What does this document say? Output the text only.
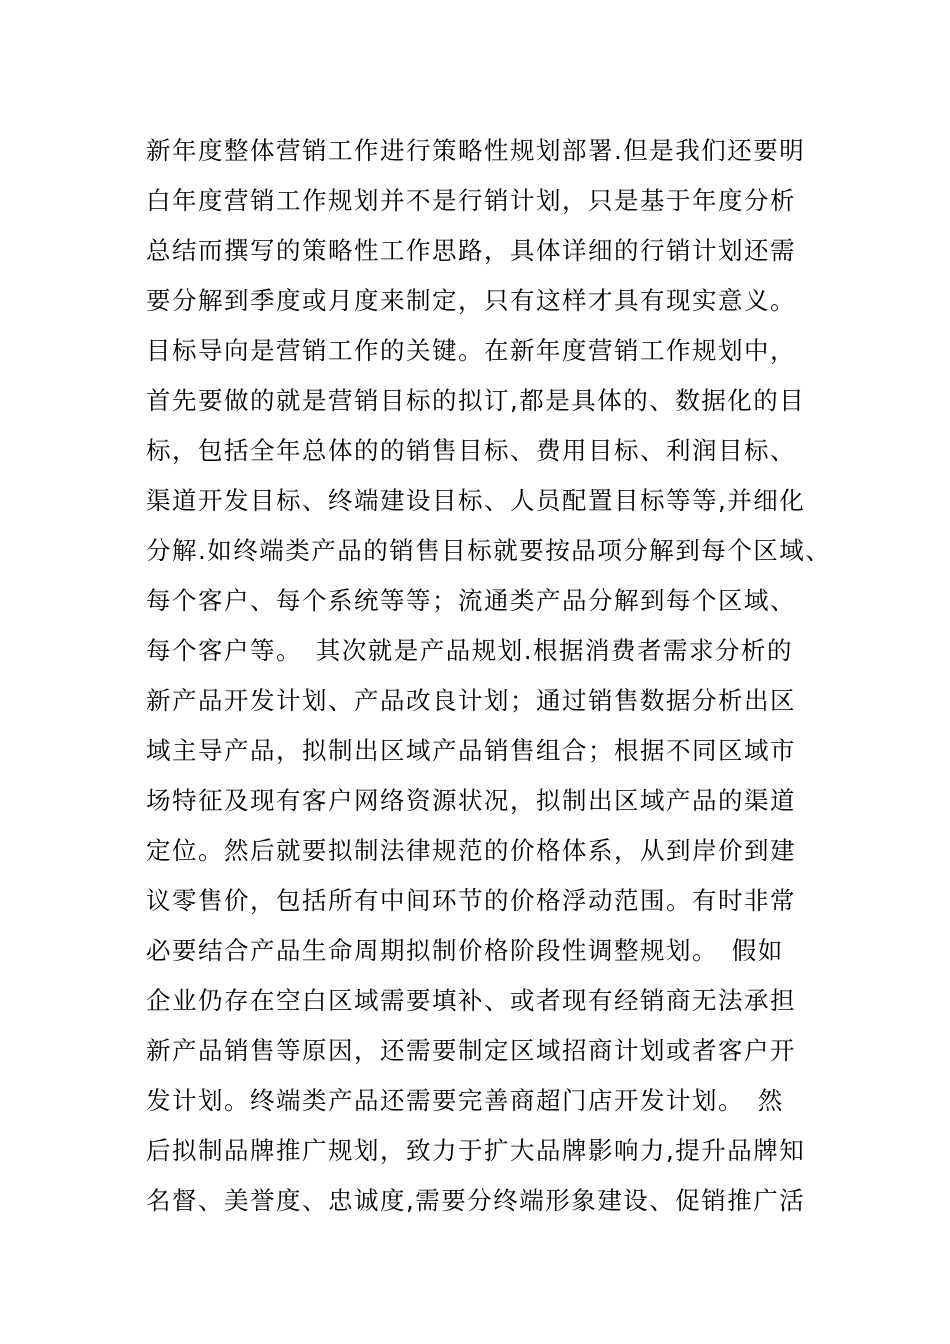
新年度整体营销工作进行策略性规划部署.但是我们还要明
白年度营销工作规划并不是行销计划，只是基于年度分析
总结而撰写的策略性工作思路，具体详细的行销计划还需
要分解到季度或月度来制定，只有这样才具有现实意义。
目标导向是营销工作的关键。在新年度营销工作规划中，
首先要做的就是营销目标的拟订,都是具体的、数据化的目
标，包括全年总体的的销售目标、费用目标、利润目标、
渠道开发目标、终端建设目标、人员配置目标等等,并细化
分解.如终端类产品的销售目标就要按品项分解到每个区域、
每个客户、每个系统等等；流通类产品分解到每个区域、
每个客户等。　其次就是产品规划.根据消费者需求分析的
新产品开发计划、产品改良计划；通过销售数据分析出区
域主导产品，拟制出区域产品销售组合；根据不同区域市
场特征及现有客户网络资源状况，拟制出区域产品的渠道
定位。然后就要拟制法律规范的价格体系，从到岸价到建
议零售价，包括所有中间环节的价格浮动范围。有时非常
必要结合产品生命周期拟制价格阶段性调整规划。　假如
企业仍存在空白区域需要填补、或者现有经销商无法承担
新产品销售等原因，还需要制定区域招商计划或者客户开
发计划。终端类产品还需要完善商超门店开发计划。　然
后拟制品牌推广规划，致力于扩大品牌影响力,提升品牌知
名督、美誉度、忠诚度,需要分终端形象建设、促销推广活
